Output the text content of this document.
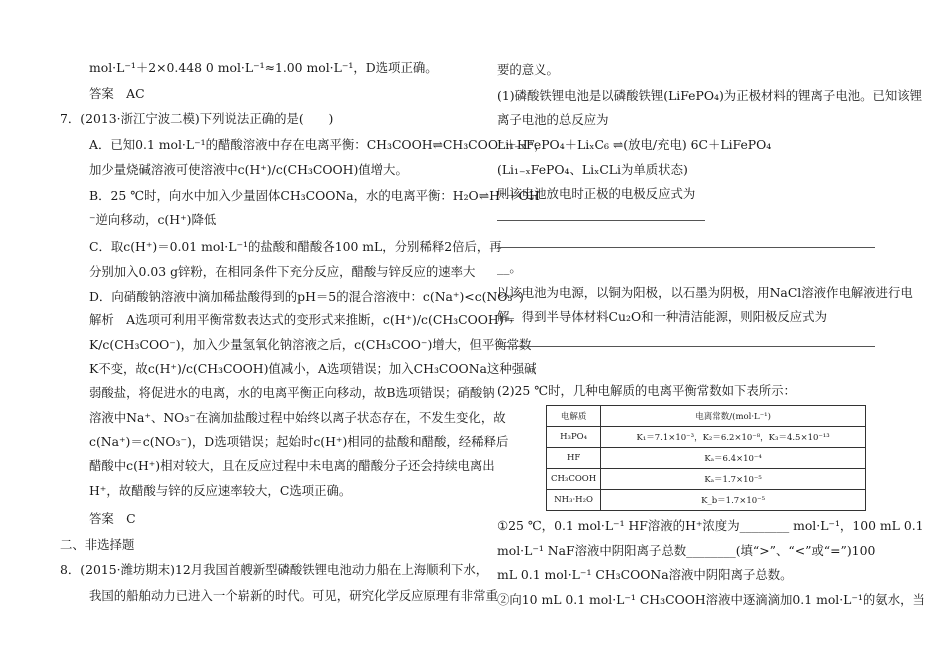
mol·L⁻¹＋2×0.448 0 mol·L⁻¹≈1.00 mol·L⁻¹，D选项正确。
答案　AC
7．(2013·浙江宁波二模)下列说法正确的是(　　)
A．已知0.1 mol·L⁻¹的醋酸溶液中存在电离平衡：CH₃COOH⇌CH₃COO⁻＋H⁺，
加少量烧碱溶液可使溶液中c(H⁺)/c(CH₃COOH)值增大。
B．25 ℃时，向水中加入少量固体CH₃COONa，水的电离平衡：H₂O⇌H⁺＋OH
⁻逆向移动，c(H⁺)降低
C．取c(H⁺)＝0.01 mol·L⁻¹的盐酸和醋酸各100 mL，分别稀释2倍后，再
分别加入0.03 g锌粉，在相同条件下充分反应，醋酸与锌反应的速率大
D．向硝酸钠溶液中滴加稀盐酸得到的pH＝5的混合溶液中：c(Na⁺)<c(NO₃⁻)
解析　A选项可利用平衡常数表达式的变形式来推断，c(H⁺)/c(CH₃COOH)＝
K/c(CH₃COO⁻)，加入少量氢氧化钠溶液之后，c(CH₃COO⁻)增大，但平衡常数
K不变，故c(H⁺)/c(CH₃COOH)值减小，A选项错误；加入CH₃COONa这种强碱
弱酸盐，将促进水的电离，水的电离平衡正向移动，故B选项错误；硝酸钠
溶液中Na⁺、NO₃⁻在滴加盐酸过程中始终以离子状态存在，不发生变化，故
c(Na⁺)＝c(NO₃⁻)，D选项错误；起始时c(H⁺)相同的盐酸和醋酸，经稀释后
醋酸中c(H⁺)相对较大，且在反应过程中未电离的醋酸分子还会持续电离出
H⁺，故醋酸与锌的反应速率较大，C选项正确。
答案　C
二、非选择题
8．(2015·潍坊期末)12月我国首艘新型磷酸铁锂电池动力船在上海顺利下水，
我国的船舶动力已进入一个崭新的时代。可见，研究化学反应原理有非常重
要的意义。
(1)磷酸铁锂电池是以磷酸铁锂(LiFePO₄)为正极材料的锂离子电池。已知该锂
离子电池的总反应为
Li₁₋ₓFePO₄＋LiₓC₆ ⇌(放电/充电) 6C＋LiFePO₄
(Li₁₋ₓFePO₄、LiₓCLi为单质状态)
则该电池放电时正极的电极反应式为
__。
以该电池为电源，以铜为阳极，以石墨为阴极，用NaCl溶液作电解液进行电
解，得到半导体材料Cu₂O和一种清洁能源，则阳极反应式为
(2)25 ℃时，几种电解质的电离平衡常数如下表所示：
电解质	电离常数/(mol·L⁻¹)
H₃PO₄	K₁＝7.1×10⁻³，K₂＝6.2×10⁻⁸，K₃＝4.5×10⁻¹³
HF	Kₐ＝6.4×10⁻⁴
CH₃COOH	Kₐ＝1.7×10⁻⁵
NH₃·H₂O	K_b＝1.7×10⁻⁵
①25 ℃，0.1 mol·L⁻¹ HF溶液的H⁺浓度为________ mol·L⁻¹，100 mL 0.1
mol·L⁻¹ NaF溶液中阴阳离子总数________(填“>”、“<”或“=”)100
mL 0.1 mol·L⁻¹ CH₃COONa溶液中阴阳离子总数。
②向10 mL 0.1 mol·L⁻¹ CH₃COOH溶液中逐滴滴加0.1 mol·L⁻¹的氨水，当
